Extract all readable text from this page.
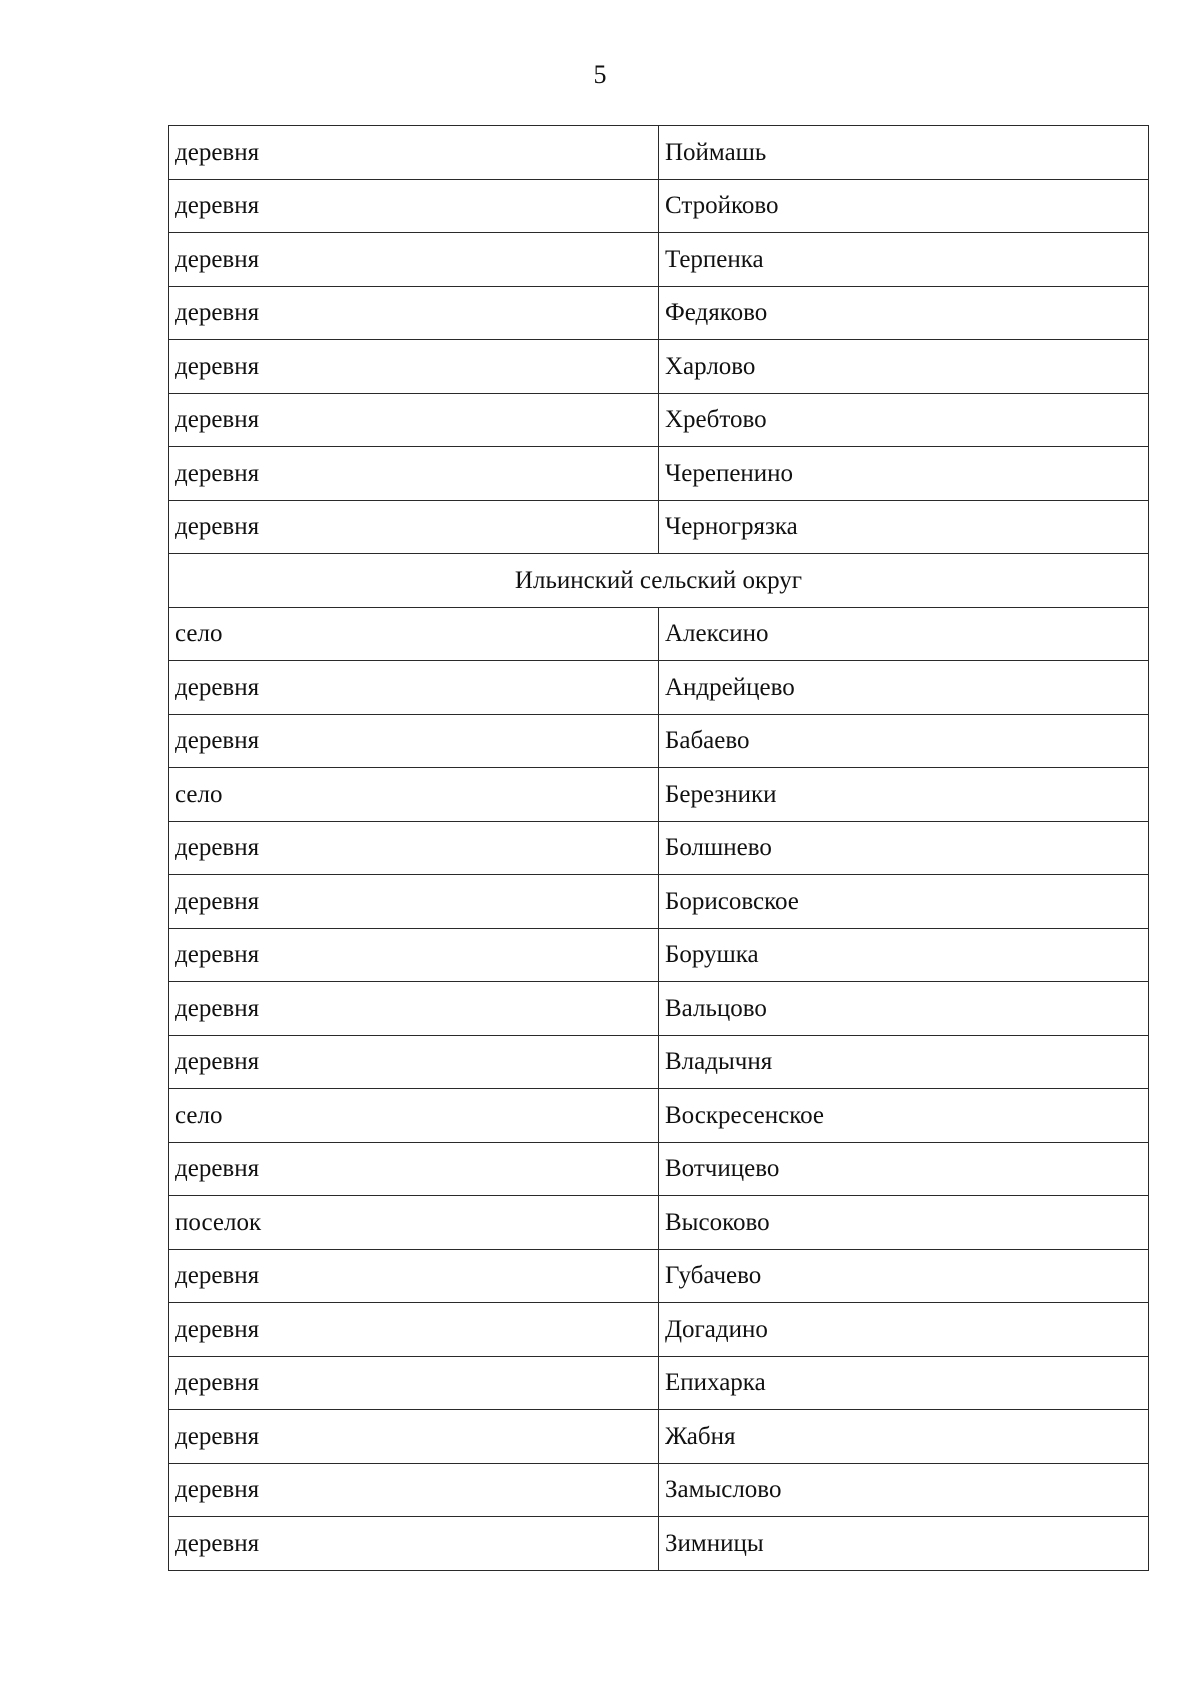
5
деревня	Поймашь
деревня	Стройково
деревня	Терпенка
деревня	Федяково
деревня	Харлово
деревня	Хребтово
деревня	Черепенино
деревня	Черногрязка
Ильинский сельский округ	
село	Алексино
деревня	Андрейцево
деревня	Бабаево
село	Березники
деревня	Болшнево
деревня	Борисовское
деревня	Борушка
деревня	Вальцово
деревня	Владычня
село	Воскресенское
деревня	Вотчицево
поселок	Высоково
деревня	Губачево
деревня	Догадино
деревня	Епихарка
деревня	Жабня
деревня	Замыслово
деревня	Зимницы
